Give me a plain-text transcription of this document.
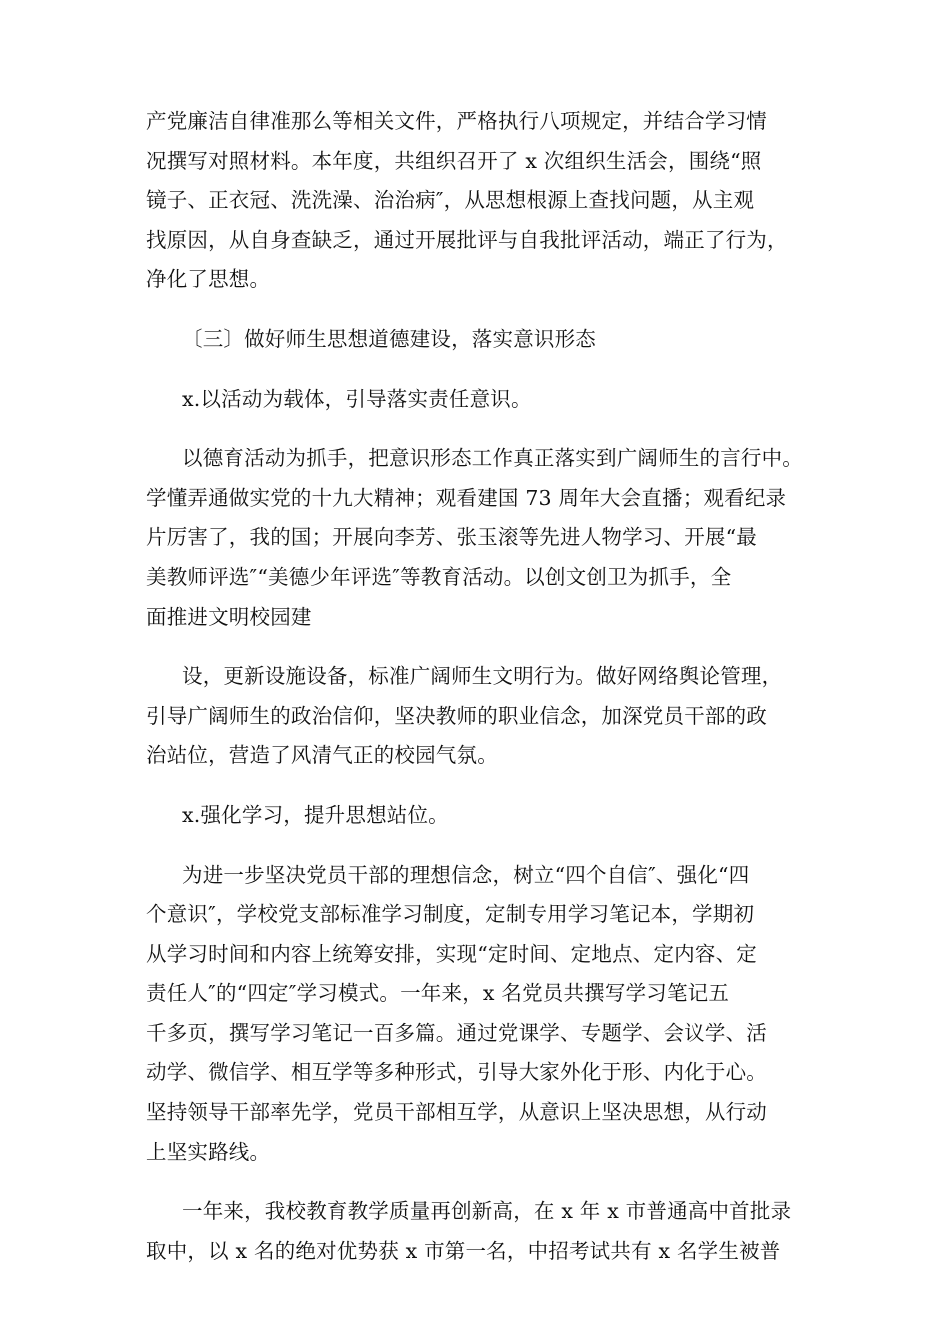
产党廉洁自律准那么等相关文件，严格执行八项规定，并结合学习情
况撰写对照材料。本年度，共组织召开了 x 次组织生活会，围绕“照
镜子、正衣冠、洗洗澡、治治病″，从思想根源上查找问题，从主观
找原因，从自身查缺乏，通过开展批评与自我批评活动，端正了行为，
净化了思想。

〔三〕做好师生思想道德建设，落实意识形态

x.以活动为载体，引导落实责任意识。

以德育活动为抓手，把意识形态工作真正落实到广阔师生的言行中。
学懂弄通做实党的十九大精神；观看建国 73 周年大会直播；观看纪录
片厉害了，我的国；开展向李芳、张玉滚等先进人物学习、开展“最
美教师评选″“美德少年评选″等教育活动。以创文创卫为抓手，全
面推进文明校园建

设，更新设施设备，标准广阔师生文明行为。做好网络舆论管理，
引导广阔师生的政治信仰，坚决教师的职业信念，加深党员干部的政
治站位，营造了风清气正的校园气氛。

x.强化学习，提升思想站位。

为进一步坚决党员干部的理想信念，树立“四个自信″、强化“四
个意识″，学校党支部标准学习制度，定制专用学习笔记本，学期初
从学习时间和内容上统筹安排，实现“定时间、定地点、定内容、定
责任人″的“四定″学习模式。一年来，x 名党员共撰写学习笔记五
千多页，撰写学习笔记一百多篇。通过党课学、专题学、会议学、活
动学、微信学、相互学等多种形式，引导大家外化于形、内化于心。
坚持领导干部率先学，党员干部相互学，从意识上坚决思想，从行动
上坚实路线。

一年来，我校教育教学质量再创新高，在 x 年 x 市普通高中首批录
取中，以 x 名的绝对优势获 x 市第一名，中招考试共有 x 名学生被普
